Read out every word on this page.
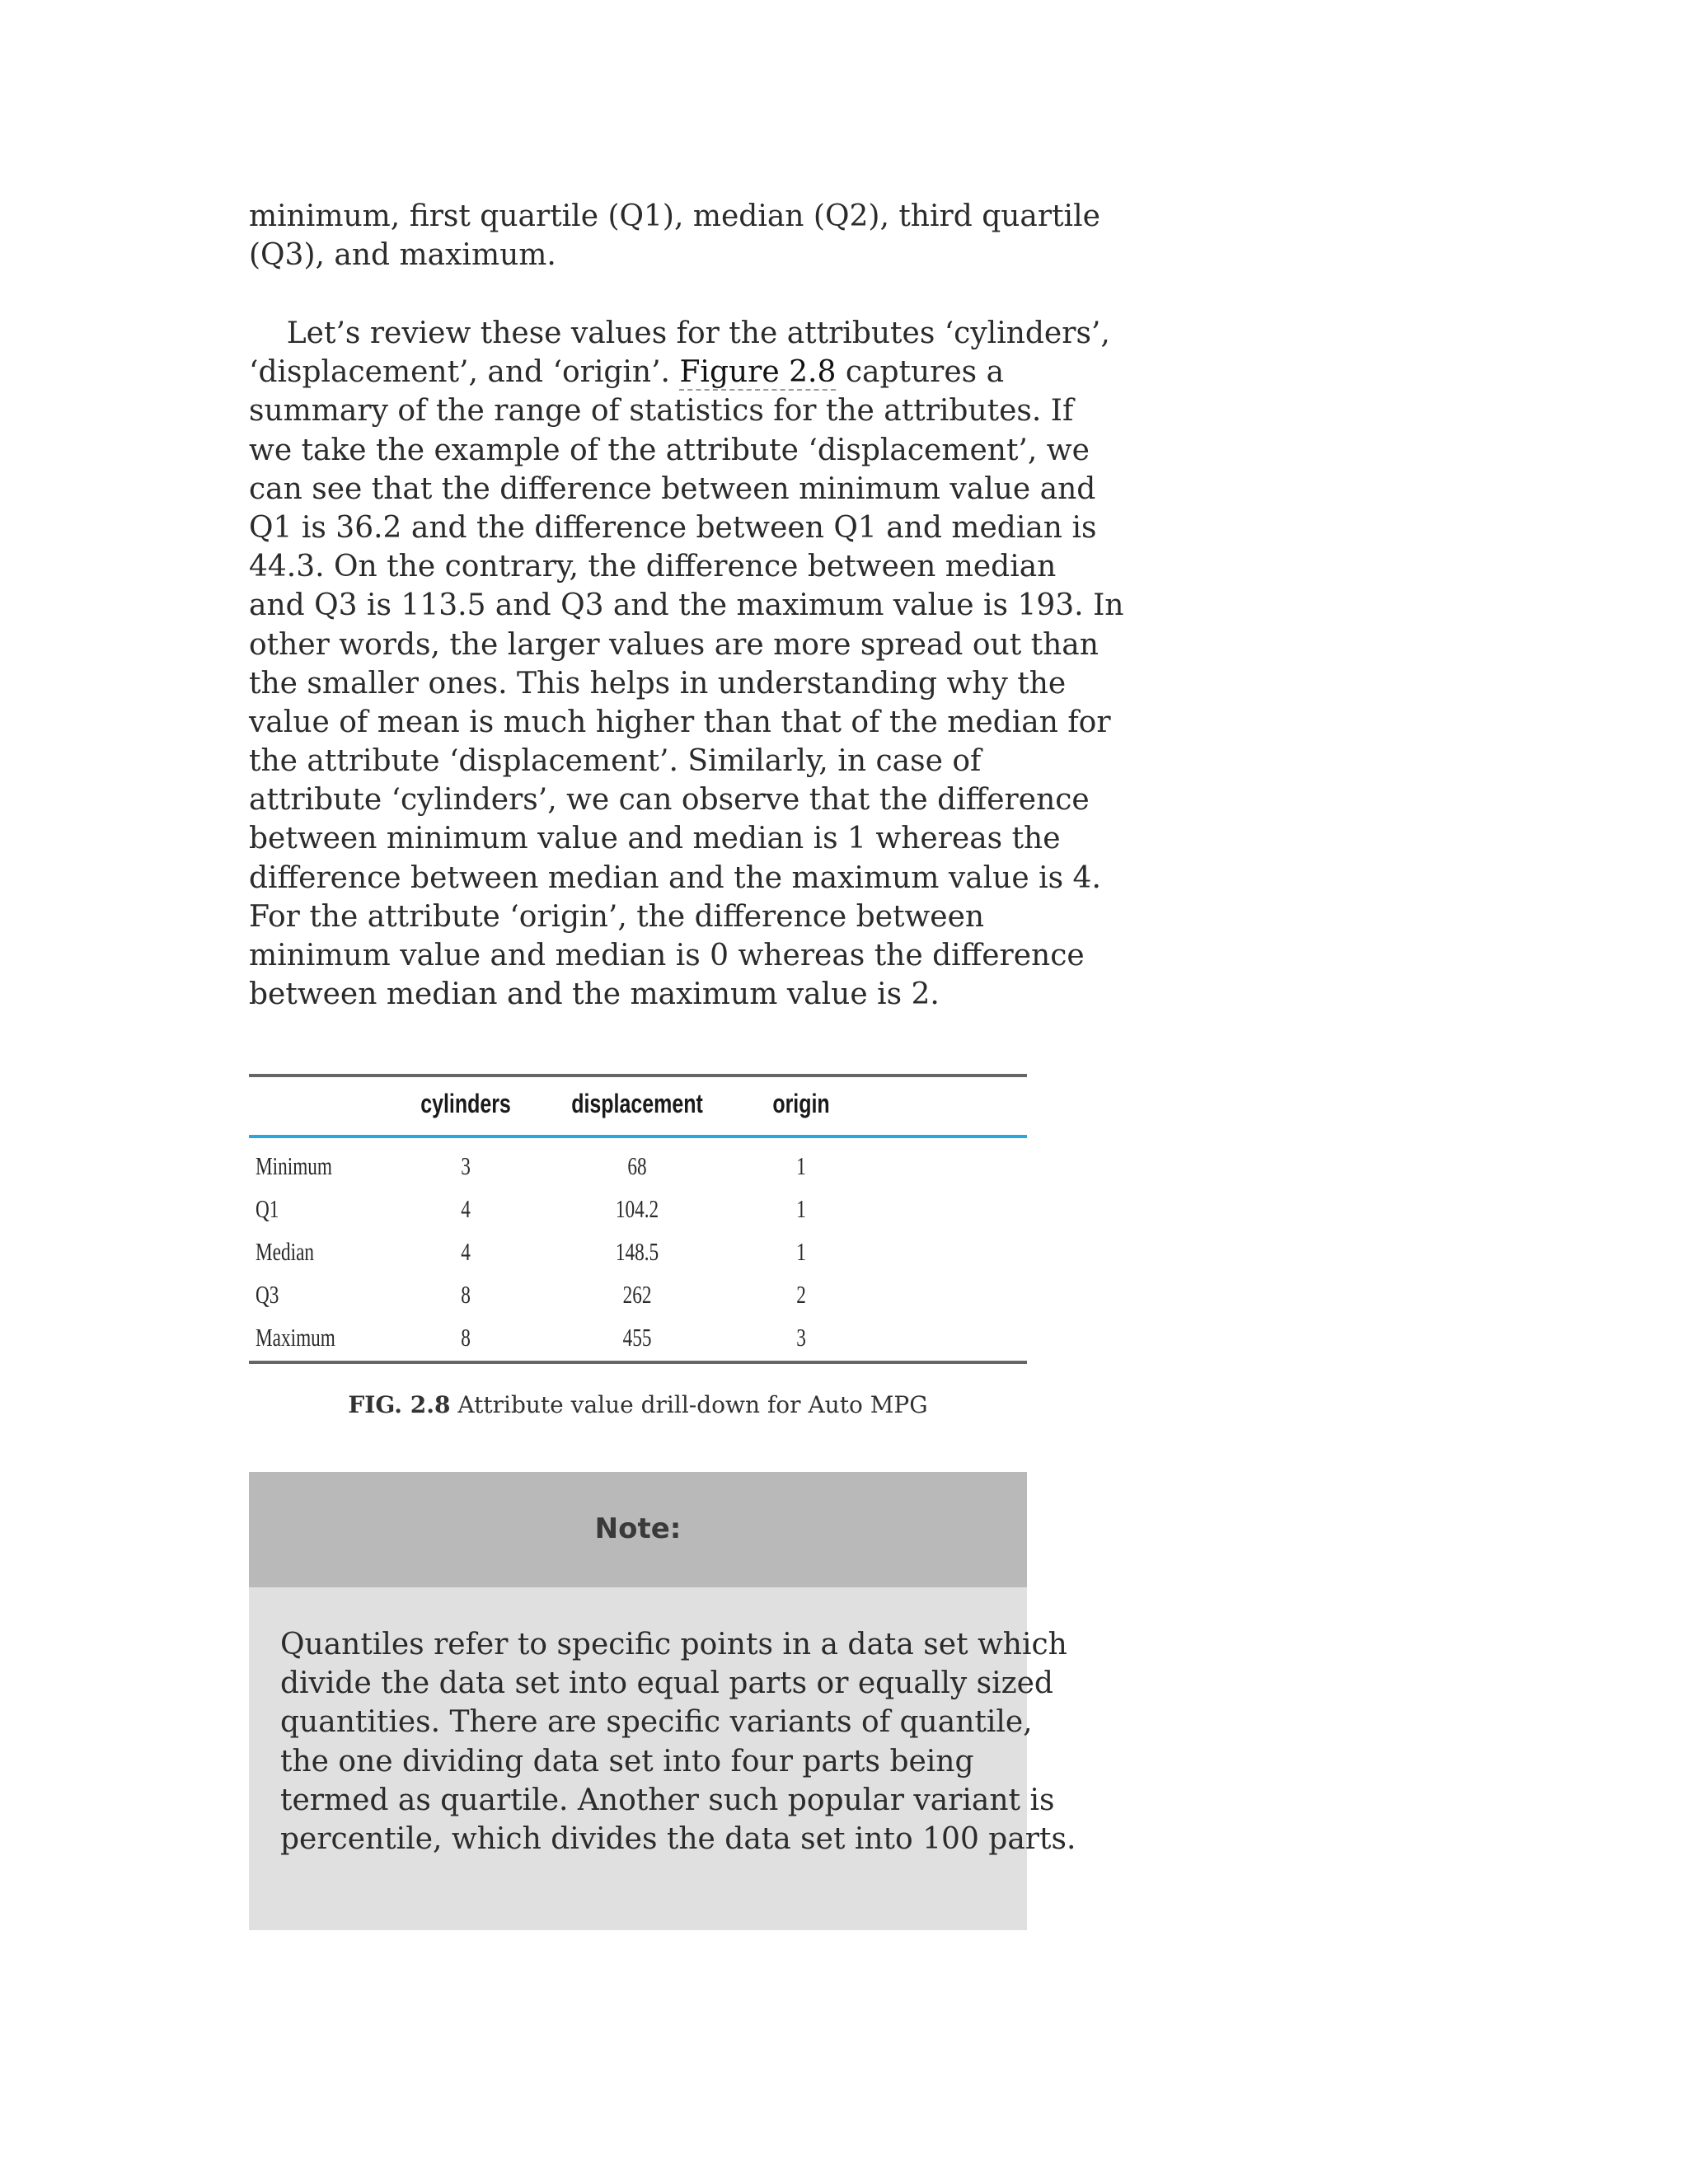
minimum, first quartile (Q1), median (Q2), third quartile
(Q3), and maximum.
Let’s review these values for the attributes ‘cylinders’,
‘displacement’, and ‘origin’. Figure 2.8 captures a
summary of the range of statistics for the attributes. If
we take the example of the attribute ‘displacement’, we
can see that the difference between minimum value and
Q1 is 36.2 and the difference between Q1 and median is
44.3. On the contrary, the difference between median
and Q3 is 113.5 and Q3 and the maximum value is 193. In
other words, the larger values are more spread out than
the smaller ones. This helps in understanding why the
value of mean is much higher than that of the median for
the attribute ‘displacement’. Similarly, in case of
attribute ‘cylinders’, we can observe that the difference
between minimum value and median is 1 whereas the
difference between median and the maximum value is 4.
For the attribute ‘origin’, the difference between
minimum value and median is 0 whereas the difference
between median and the maximum value is 2.
cylinders	displacement	origin
Minimum	3	68	1
Q1	4	104.2	1
Median	4	148.5	1
Q3	8	262	2
Maximum	8	455	3
FIG. 2.8 Attribute value drill-down for Auto MPG
Note:
Quantiles refer to specific points in a data set which
divide the data set into equal parts or equally sized
quantities. There are specific variants of quantile,
the one dividing data set into four parts being
termed as quartile. Another such popular variant is
percentile, which divides the data set into 100 parts.
